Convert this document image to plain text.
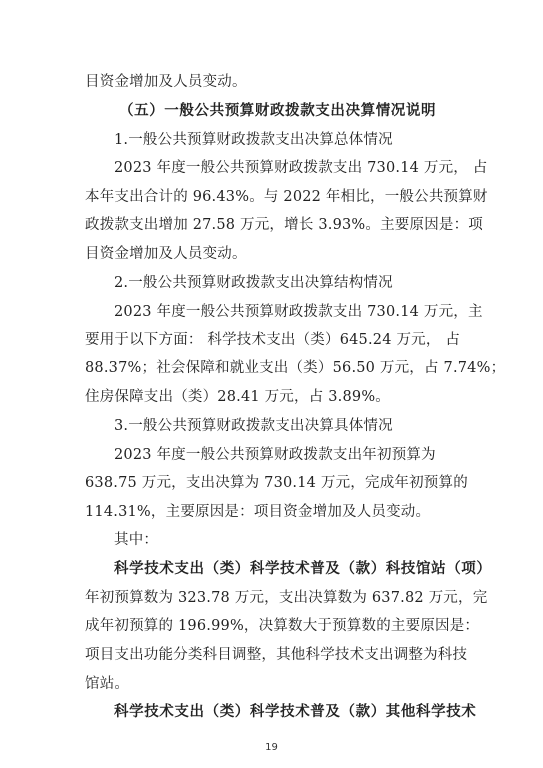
目资金增加及人员变动。
（五）一般公共预算财政拨款支出决算情况说明
1.一般公共预算财政拨款支出决算总体情况
2023 年度一般公共预算财政拨款支出 730.14 万元， 占
本年支出合计的 96.43%。与 2022 年相比，一般公共预算财
政拨款支出增加 27.58 万元，增长 3.93%。主要原因是：项
目资金增加及人员变动。
2.一般公共预算财政拨款支出决算结构情况
2023 年度一般公共预算财政拨款支出 730.14 万元，主
要用于以下方面： 科学技术支出（类）645.24 万元， 占
88.37%；社会保障和就业支出（类）56.50 万元，占 7.74%；
住房保障支出（类）28.41 万元，占 3.89%。
3.一般公共预算财政拨款支出决算具体情况
2023 年度一般公共预算财政拨款支出年初预算为
638.75 万元，支出决算为 730.14 万元，完成年初预算的
114.31%，主要原因是：项目资金增加及人员变动。
其中：
科学技术支出（类）科学技术普及（款）科技馆站（项）
年初预算数为 323.78 万元，支出决算数为 637.82 万元，完
成年初预算的 196.99%，决算数大于预算数的主要原因是：
项目支出功能分类科目调整，其他科学技术支出调整为科技
馆站。
科学技术支出（类）科学技术普及（款）其他科学技术
19
